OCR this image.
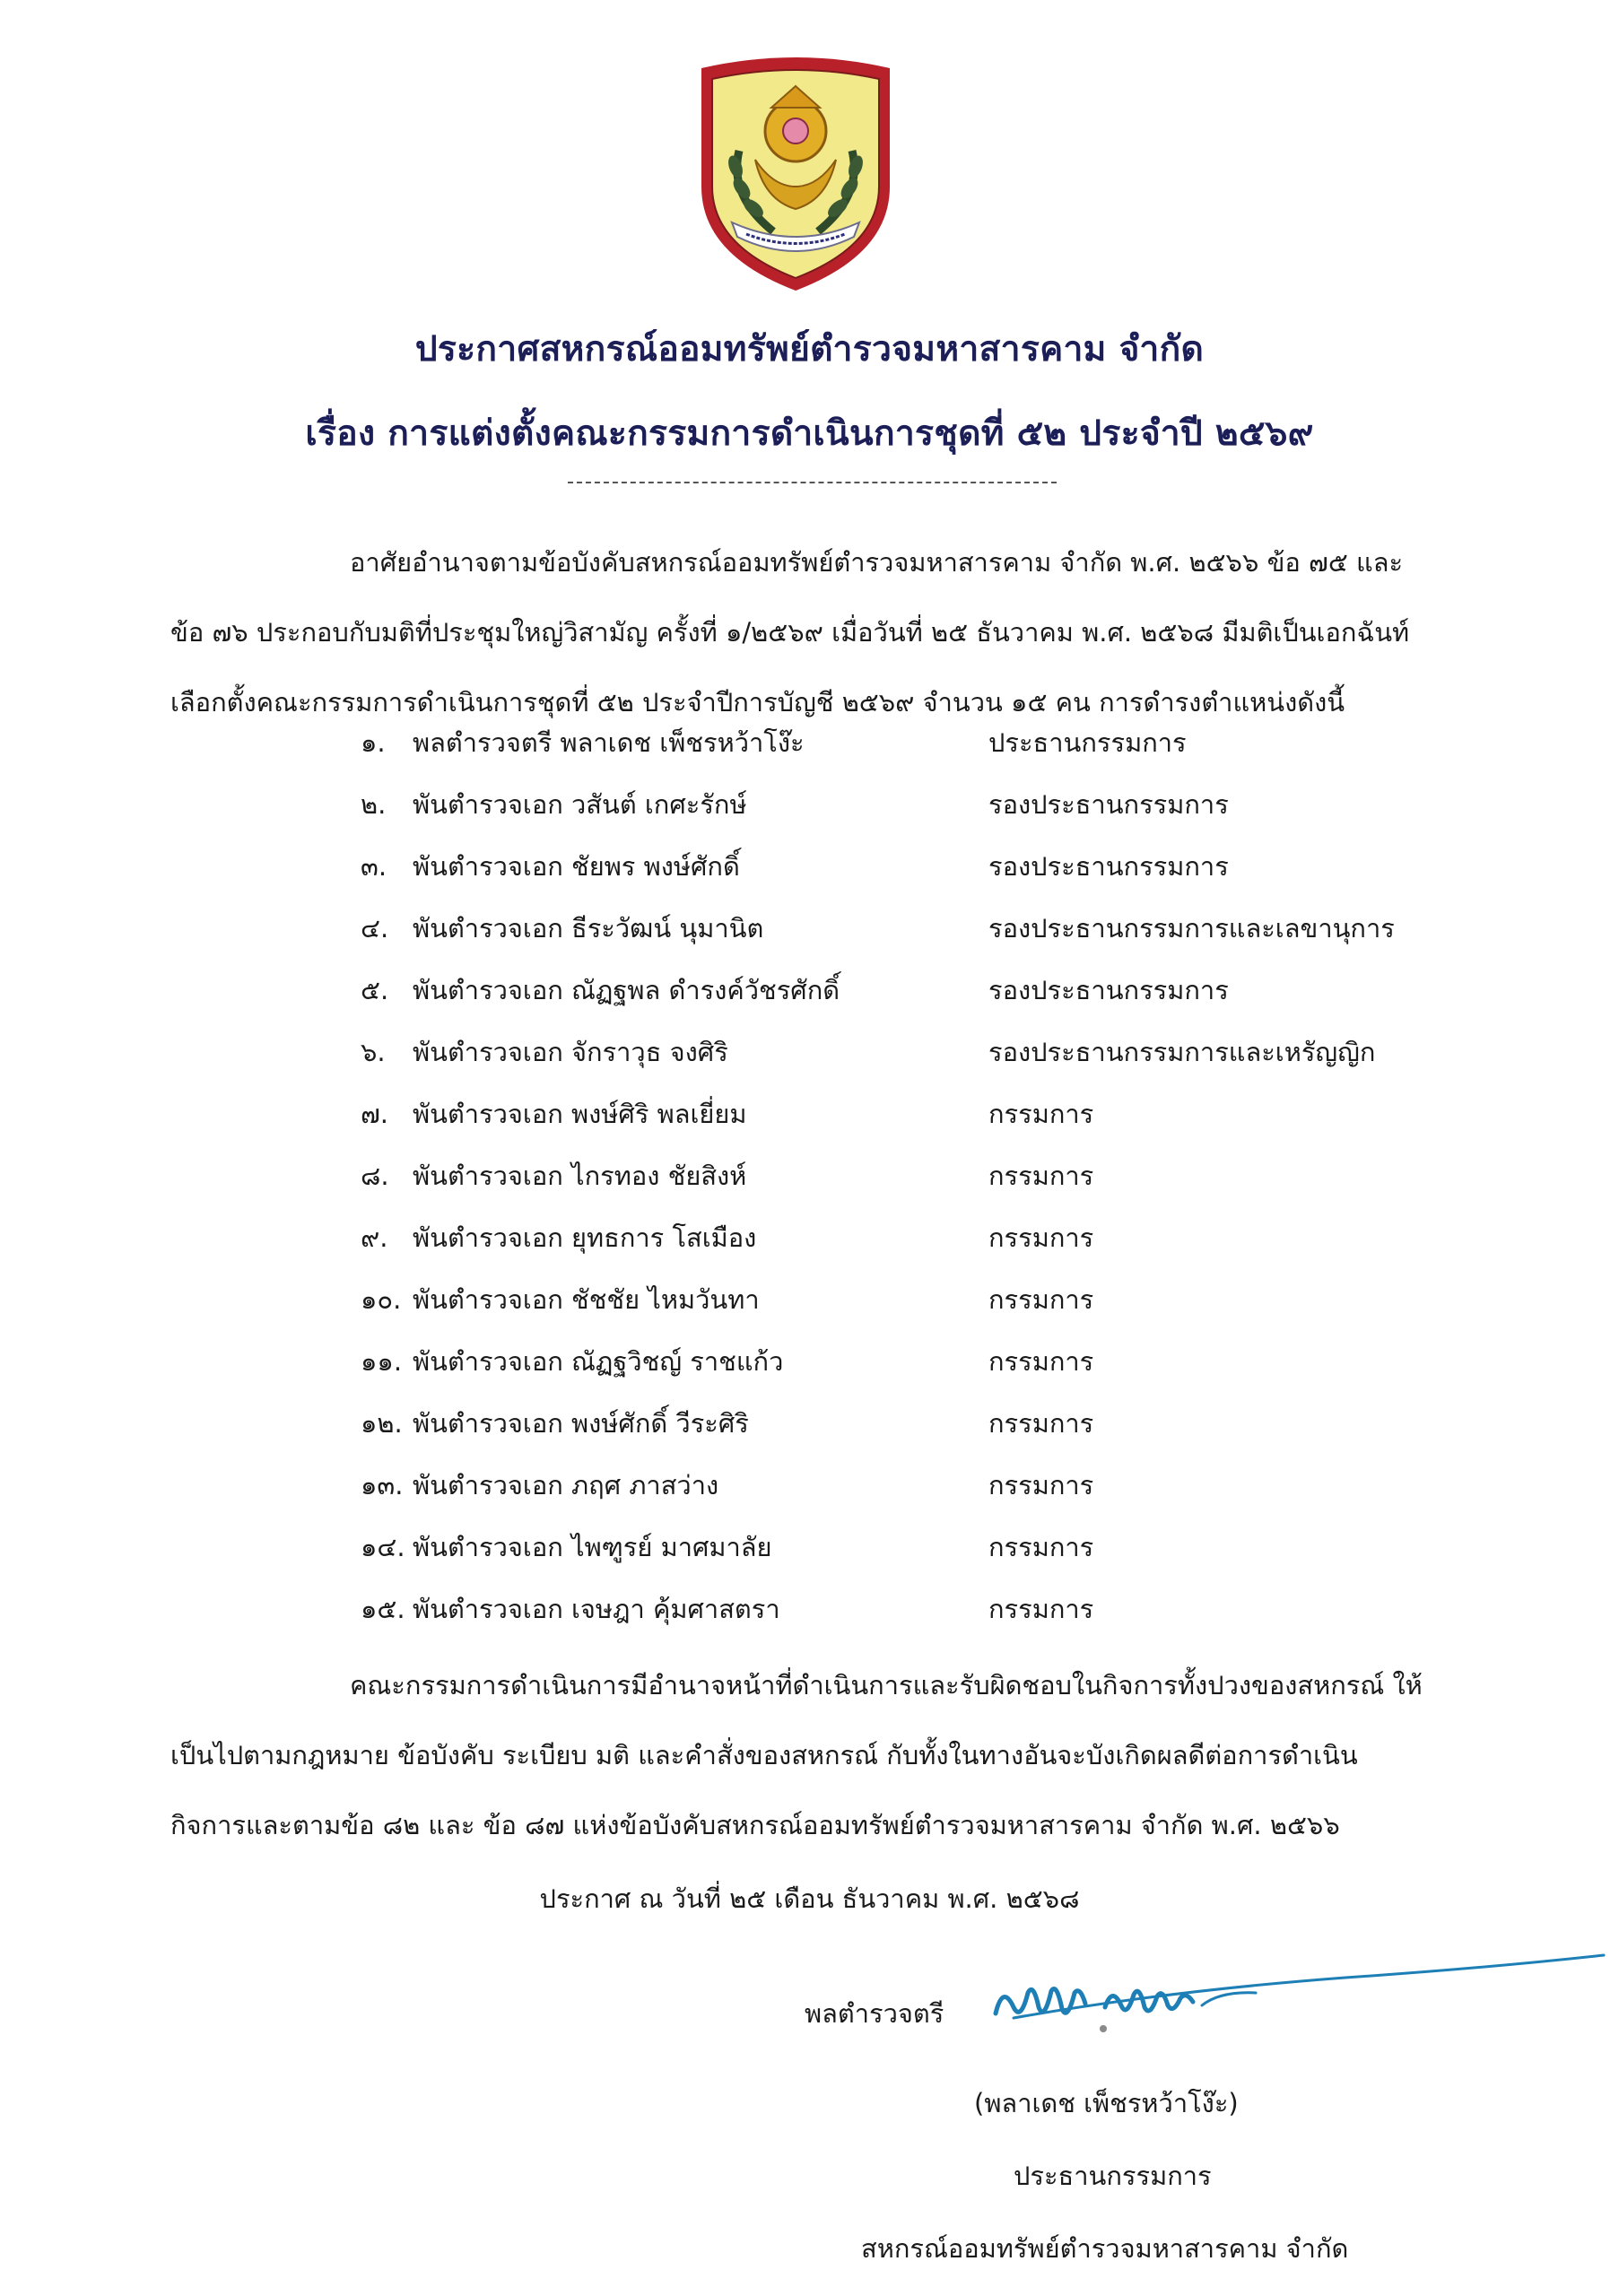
ประกาศสหกรณ์ออมทรัพย์ตำรวจมหาสารคาม จำกัด
เรื่อง การแต่งตั้งคณะกรรมการดำเนินการชุดที่ ๕๒ ประจำปี ๒๕๖๙
อาศัยอำนาจตามข้อบังคับสหกรณ์ออมทรัพย์ตำรวจมหาสารคาม จำกัด พ.ศ. ๒๕๖๖ ข้อ ๗๕ และ
ข้อ ๗๖ ประกอบกับมติที่ประชุมใหญ่วิสามัญ ครั้งที่ ๑/๒๕๖๙ เมื่อวันที่ ๒๕ ธันวาคม พ.ศ. ๒๕๖๘ มีมติเป็นเอกฉันท์
เลือกตั้งคณะกรรมการดำเนินการชุดที่ ๕๒ ประจำปีการบัญชี ๒๕๖๙ จำนวน ๑๕ คน การดำรงตำแหน่งดังนี้
๑.	พลตำรวจตรี พลาเดช เพ็ชรหว้าโง๊ะ	ประธานกรรมการ
๒.	พันตำรวจเอก วสันต์ เกศะรักษ์	รองประธานกรรมการ
๓. พันตำรวจเอก ชัยพร พงษ์ศักดิ์	รองประธานกรรมการ
๔. พันตำรวจเอก ธีระวัฒน์ นุมานิต	รองประธานกรรมการและเลขานุการ
๕. พันตำรวจเอก ณัฏฐพล ดำรงค์วัชรศักดิ์	รองประธานกรรมการ
๖.	พันตำรวจเอก จักราวุธ จงศิริ	รองประธานกรรมการและเหรัญญิก
๗. พันตำรวจเอก พงษ์ศิริ พลเยี่ยม	กรรมการ
๘. พันตำรวจเอก ไกรทอง ชัยสิงห์	กรรมการ
๙. พันตำรวจเอก ยุทธการ โสเมือง	กรรมการ
๑๐. พันตำรวจเอก ชัชชัย ไหมวันทา	กรรมการ
๑๑. พันตำรวจเอก ณัฏฐวิชญ์ ราชแก้ว	กรรมการ
๑๒. พันตำรวจเอก พงษ์ศักดิ์ วีระศิริ	กรรมการ
๑๓. พันตำรวจเอก ภฤศ ภาสว่าง	กรรมการ
๑๔. พันตำรวจเอก ไพฑูรย์ มาศมาลัย	กรรมการ
๑๕. พันตำรวจเอก เจษฎา คุ้มศาสตรา	กรรมการ
คณะกรรมการดำเนินการมีอำนาจหน้าที่ดำเนินการและรับผิดชอบในกิจการทั้งปวงของสหกรณ์ ให้
เป็นไปตามกฎหมาย ข้อบังคับ ระเบียบ มติ และคำสั่งของสหกรณ์ กับทั้งในทางอันจะบังเกิดผลดีต่อการดำเนิน
กิจการและตามข้อ ๘๒ และ ข้อ ๘๗ แห่งข้อบังคับสหกรณ์ออมทรัพย์ตำรวจมหาสารคาม จำกัด พ.ศ. ๒๕๖๖
ประกาศ ณ วันที่ ๒๕ เดือน ธันวาคม พ.ศ. ๒๕๖๘
พลตำรวจตรี
(พลาเดช เพ็ชรหว้าโง๊ะ)
ประธานกรรมการ
สหกรณ์ออมทรัพย์ตำรวจมหาสารคาม จำกัด
